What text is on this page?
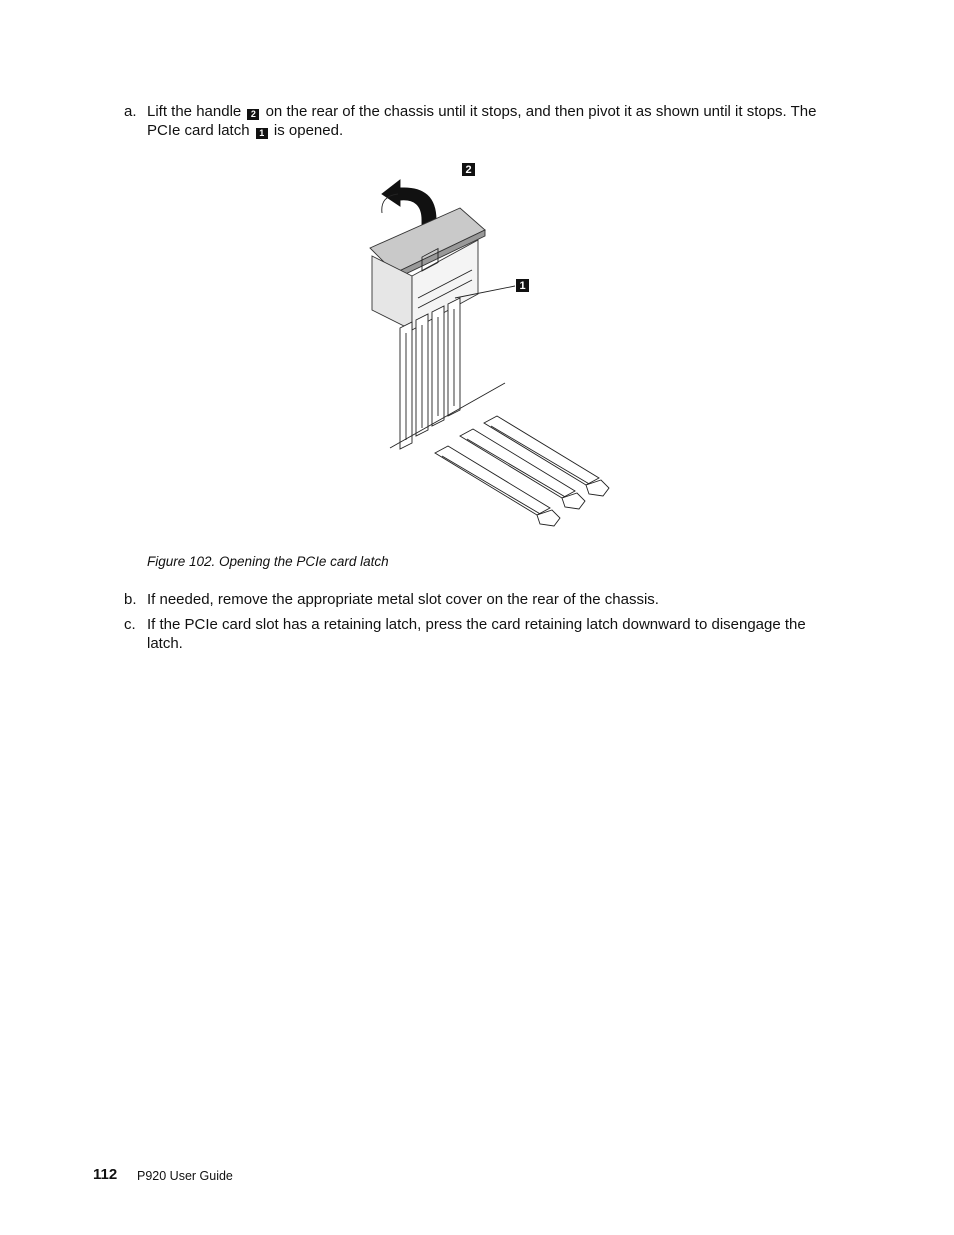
a. Lift the handle 2 on the rear of the chassis until it stops, and then pivot it as shown until it stops. The PCIe card latch 1 is opened.
2
1
Figure 102. Opening the PCIe card latch
b. If needed, remove the appropriate metal slot cover on the rear of the chassis.
c. If the PCIe card slot has a retaining latch, press the card retaining latch downward to disengage the latch.
112 P920 User Guide
